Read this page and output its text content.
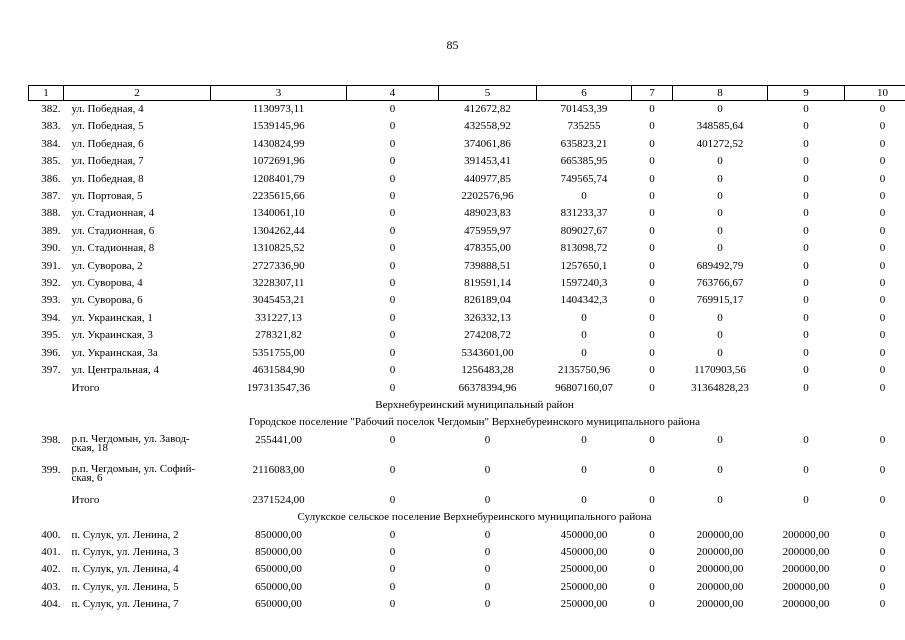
85
1	2	3	4	5	6	7	8	9	10
382.	ул. Победная, 4	1130973,11	0	412672,82	701453,39	0	0	0	0
383.	ул. Победная, 5	1539145,96	0	432558,92	735255	0	348585,64	0	0
384.	ул. Победная, 6	1430824,99	0	374061,86	635823,21	0	401272,52	0	0
385.	ул. Победная, 7	1072691,96	0	391453,41	665385,95	0	0	0	0
386.	ул. Победная, 8	1208401,79	0	440977,85	749565,74	0	0	0	0
387.	ул. Портовая, 5	2235615,66	0	2202576,96	0	0	0	0	0
388.	ул. Стадионная, 4	1340061,10	0	489023,83	831233,37	0	0	0	0
389.	ул. Стадионная, 6	1304262,44	0	475959,97	809027,67	0	0	0	0
390.	ул. Стадионная, 8	1310825,52	0	478355,00	813098,72	0	0	0	0
391.	ул. Суворова, 2	2727336,90	0	739888,51	1257650,1	0	689492,79	0	0
392.	ул. Суворова, 4	3228307,11	0	819591,14	1597240,3	0	763766,67	0	0
393.	ул. Суворова, 6	3045453,21	0	826189,04	1404342,3	0	769915,17	0	0
394.	ул. Украинская, 1	331227,13	0	326332,13	0	0	0	0	0
395.	ул. Украинская, 3	278321,82	0	274208,72	0	0	0	0	0
396.	ул. Украинская, 3а	5351755,00	0	5343601,00	0	0	0	0	0
397.	ул. Центральная, 4	4631584,90	0	1256483,28	2135750,96	0	1170903,56	0	0
	Итого	197313547,36	0	66378394,96	96807160,07	0	31364828,23	0	0
Верхнебуреинский муниципальный район									
Городское поселение "Рабочий поселок Чегдомын" Верхнебуреинского муниципального района									
398.	р.п. Чегдомын, ул. Завод-
ская, 18	255441,00	0	0	0	0	0	0	0
399.	р.п. Чегдомын, ул. Софий-
ская, 6	2116083,00	0	0	0	0	0	0	0
	Итого	2371524,00	0	0	0	0	0	0	0
Сулукское сельское поселение Верхнебуреинского муниципального района									
400.	п. Сулук, ул. Ленина, 2	850000,00	0	0	450000,00	0	200000,00	200000,00	0
401.	п. Сулук, ул. Ленина, 3	850000,00	0	0	450000,00	0	200000,00	200000,00	0
402.	п. Сулук, ул. Ленина, 4	650000,00	0	0	250000,00	0	200000,00	200000,00	0
403.	п. Сулук, ул. Ленина, 5	650000,00	0	0	250000,00	0	200000,00	200000,00	0
404.	п. Сулук, ул. Ленина, 7	650000,00	0	0	250000,00	0	200000,00	200000,00	0
